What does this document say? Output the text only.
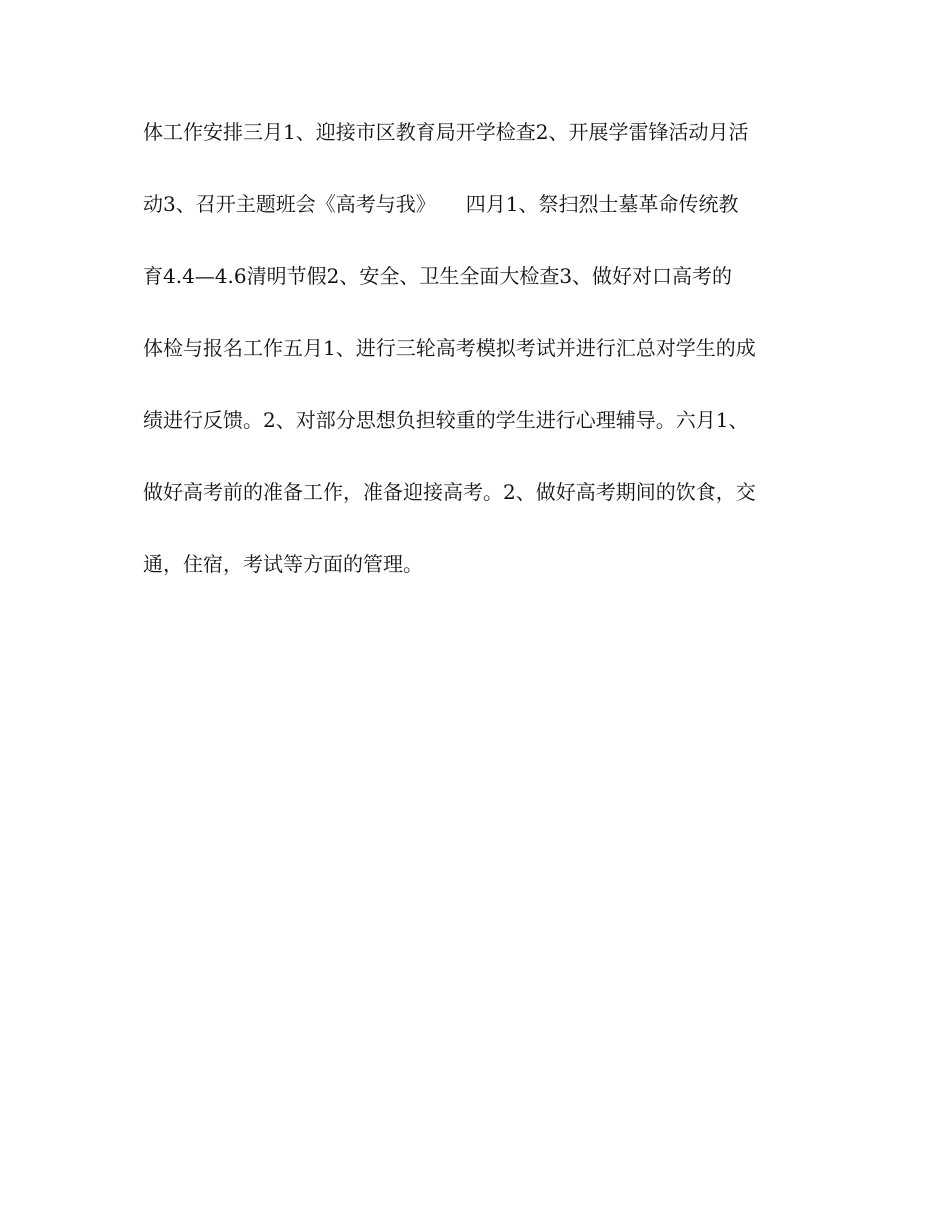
体工作安排三月1、迎接市区教育局开学检查2、开展学雷锋活动月活
动3、召开主题班会《高考与我》　　四月1、祭扫烈士墓革命传统教
育4.4—4.6清明节假2、安全、卫生全面大检查3、做好对口高考的
体检与报名工作五月1、进行三轮高考模拟考试并进行汇总对学生的成
绩进行反馈。2、对部分思想负担较重的学生进行心理辅导。六月1、
做好高考前的准备工作，准备迎接高考。2、做好高考期间的饮食，交
通，住宿，考试等方面的管理。
